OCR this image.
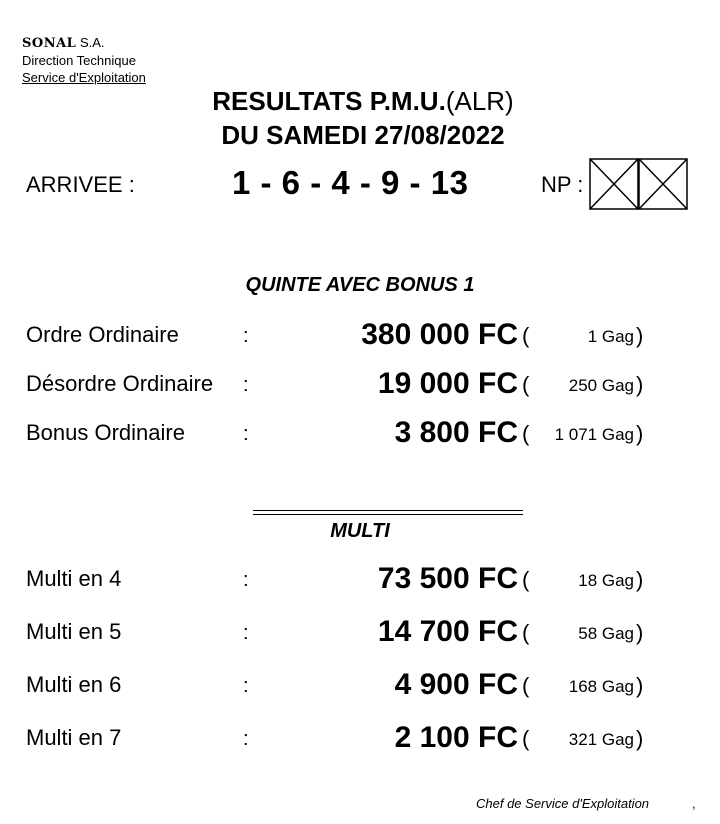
SONAL S.A.
Direction Technique
Service d'Exploitation
RESULTATS P.M.U.(ALR)
DU SAMEDI 27/08/2022
ARRIVEE :	1 - 6 - 4 - 9 - 13	NP :
QUINTE AVEC BONUS 1
Ordre Ordinaire	:	380 000 FC (	1 Gag )
Désordre Ordinaire :	19 000 FC ( 250 Gag )
Bonus Ordinaire	:	3 800 FC ( 1 071 Gag )
MULTI
Multi en 4	:	73 500 FC (	18 Gag )
Multi en 5	:	14 700 FC (	58 Gag )
Multi en 6	:	4 900 FC ( 168 Gag )
Multi en 7	:	2 100 FC ( 321 Gag )
Chef de Service d'Exploitation	,
